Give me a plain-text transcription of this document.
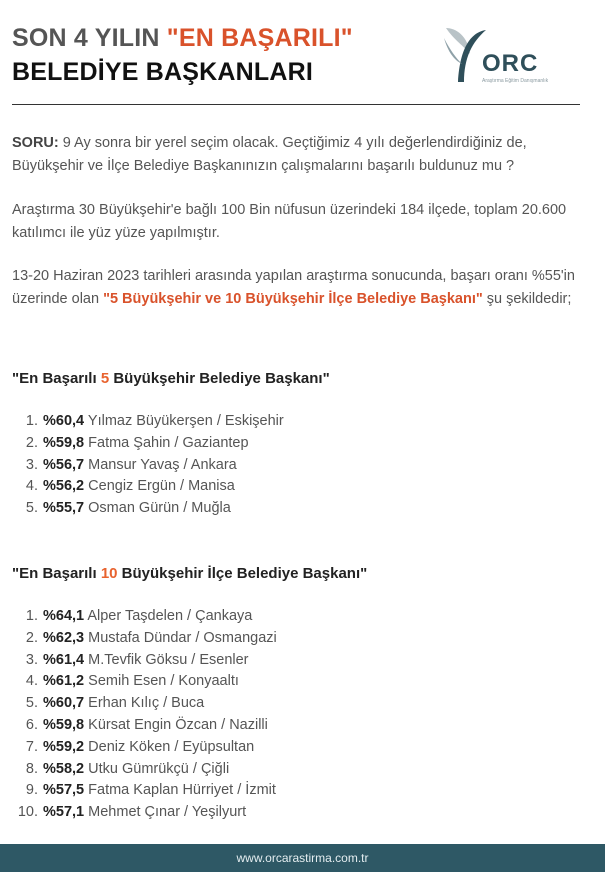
SON 4 YILIN "EN BAŞARILI"
BELEDİYE BAŞKANLARI	ORC
Araştırma Eğitim Danışmanlık
SORU: 9 Ay sonra bir yerel seçim olacak. Geçtiğimiz 4 yılı değerlendirdiğiniz de, Büyükşehir ve İlçe Belediye Başkanınızın çalışmalarını başarılı buldunuz mu ?
Araştırma 30 Büyükşehir'e bağlı 100 Bin nüfusun üzerindeki 184 ilçede, toplam 20.600 katılımcı ile yüz yüze yapılmıştır.
13-20 Haziran 2023 tarihleri arasında yapılan araştırma sonucunda, başarı oranı %55'in üzerinde olan "5 Büyükşehir ve 10 Büyükşehir İlçe Belediye Başkanı" şu şekildedir;
"En Başarılı 5 Büyükşehir Belediye Başkanı"
1. %60,4 Yılmaz Büyükerşen / Eskişehir
2. %59,8 Fatma Şahin / Gaziantep
3. %56,7 Mansur Yavaş / Ankara
4. %56,2 Cengiz Ergün / Manisa
5. %55,7 Osman Gürün / Muğla
"En Başarılı 10 Büyükşehir İlçe Belediye Başkanı"
1. %64,1 Alper Taşdelen / Çankaya
2. %62,3 Mustafa Dündar / Osmangazi
3. %61,4 M.Tevfik Göksu / Esenler
4. %61,2 Semih Esen / Konyaaltı
5. %60,7 Erhan Kılıç / Buca
6. %59,8 Kürsat Engin Özcan / Nazilli
7. %59,2 Deniz Köken / Eyüpsultan
8. %58,2 Utku Gümrükçü / Çiğli
9. %57,5 Fatma Kaplan Hürriyet / İzmit
10. %57,1 Mehmet Çınar / Yeşilyurt
www.orcarastirma.com.tr
